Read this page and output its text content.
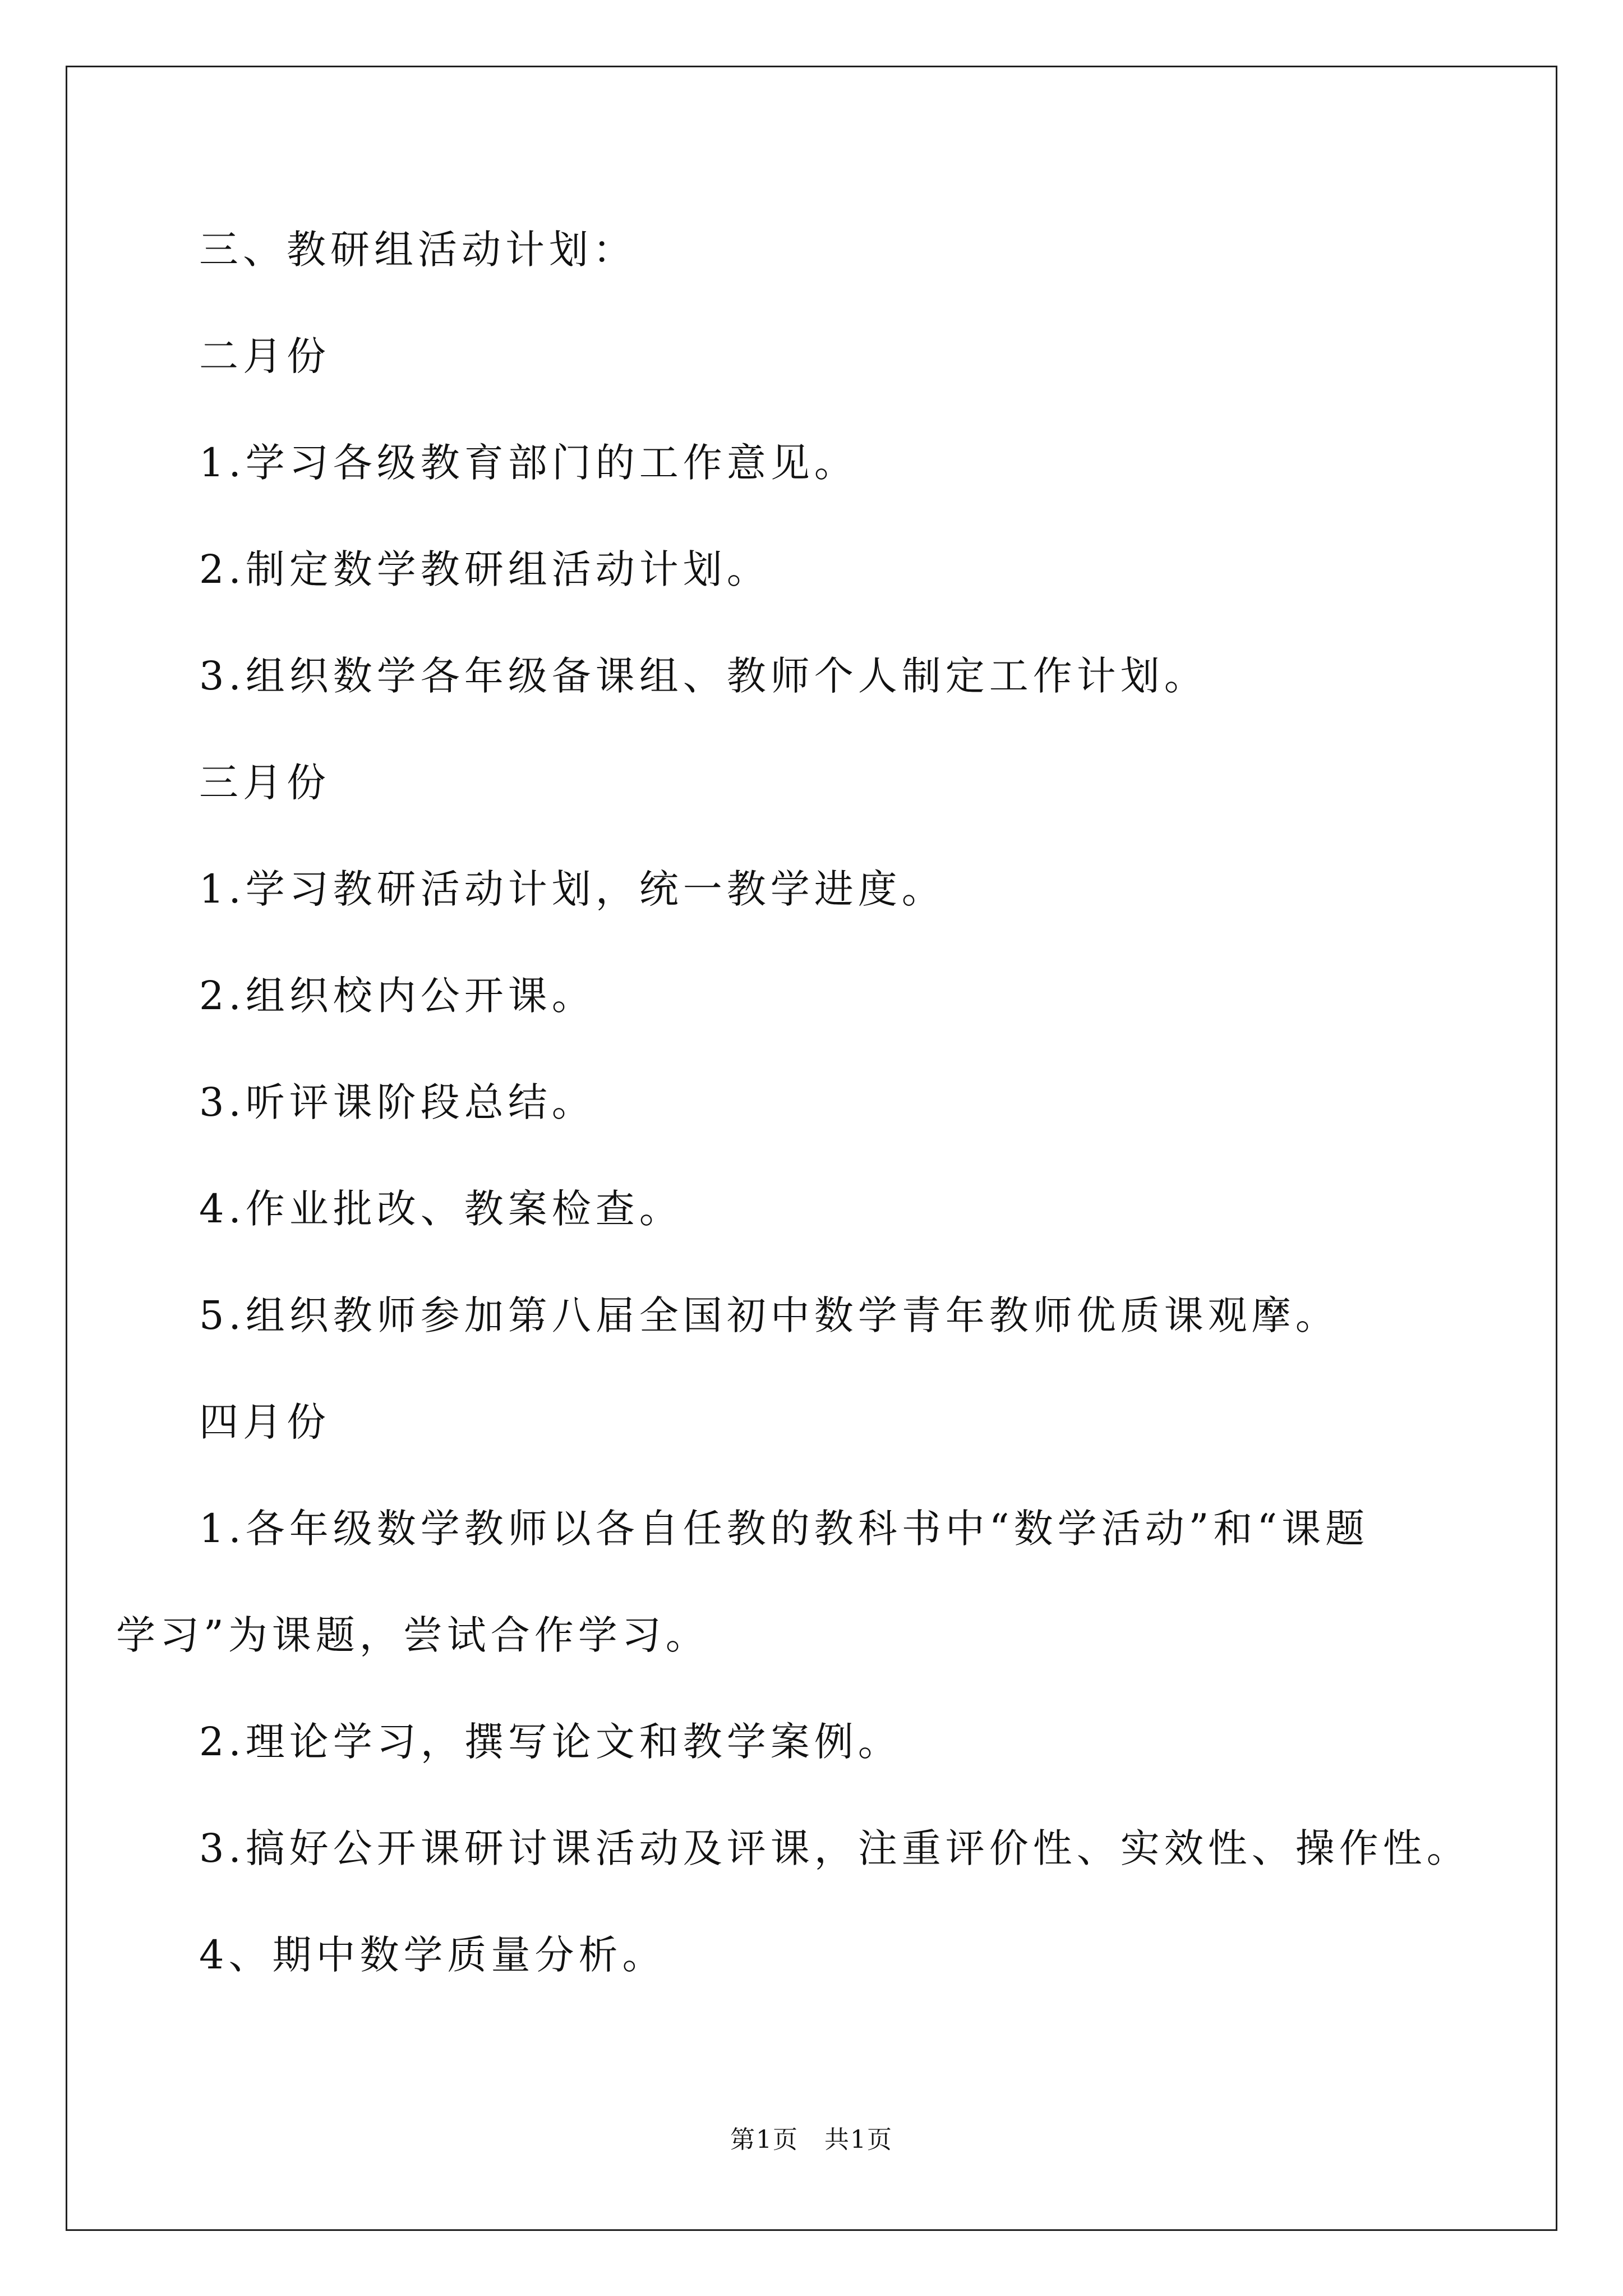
三、教研组活动计划：
二月份
1.学习各级教育部门的工作意见。
2.制定数学教研组活动计划。
3.组织数学各年级备课组、教师个人制定工作计划。
三月份
1.学习教研活动计划，统一教学进度。
2.组织校内公开课。
3.听评课阶段总结。
4.作业批改、教案检查。
5.组织教师参加第八届全国初中数学青年教师优质课观摩。
四月份
1.各年级数学教师以各自任教的教科书中“数学活动”和“课题
学习”为课题，尝试合作学习。
2.理论学习，撰写论文和教学案例。
3.搞好公开课研讨课活动及评课，注重评价性、实效性、操作性。
4、期中数学质量分析。
第1页　共1页
